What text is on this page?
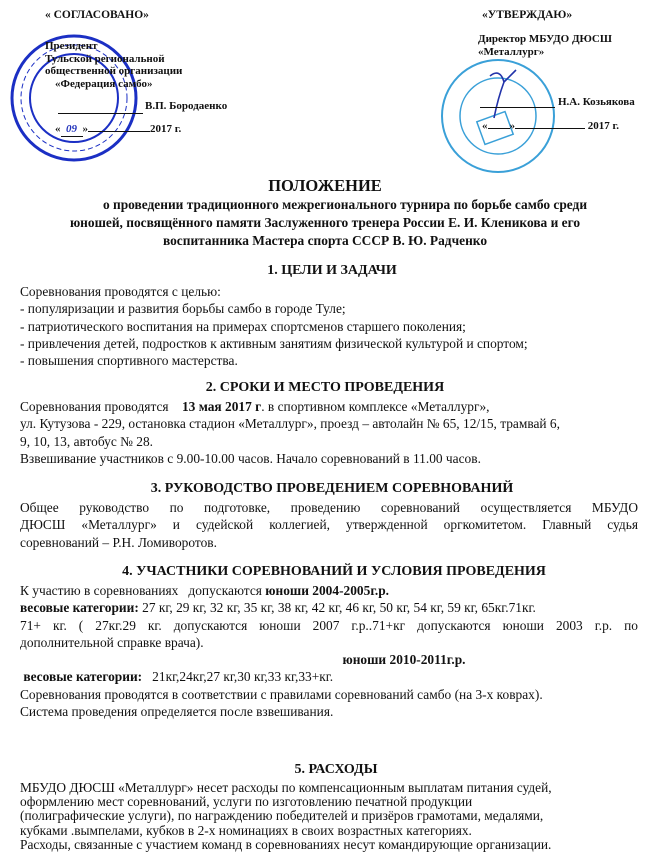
« СОГЛАСОВАНО»
Президент
Тульской региональной
общественной организации
«Федерация самбо»
В.П. Бородаенко
« 09 »	2017 г.
«УТВЕРЖДАЮ»
Директор МБУДО ДЮСШ
«Металлург»
Н.А. Козьякова
« »	2017 г.
ПОЛОЖЕНИЕ
о проведении традиционного межрегионального турнира по борьбе самбо среди
юношей, посвящённого памяти Заслуженного тренера России Е. И. Кленикова и его
воспитанника Мастера спорта СССР В. Ю. Радченко
1. ЦЕЛИ И ЗАДАЧИ
Соревнования проводятся с целью:
- популяризации и развития борьбы самбо в городе Туле;
- патриотического воспитания на примерах спортсменов старшего поколения;
- привлечения детей, подростков к активным занятиям физической культурой и спортом;
- повышения спортивного мастерства.
2. СРОКИ И МЕСТО ПРОВЕДЕНИЯ
Соревнования проводятся    13 мая 2017 г. в спортивном комплексе «Металлург»,
ул. Кутузова - 229, остановка стадион «Металлург», проезд – автолайн № 65, 12/15, трамвай 6,
9, 10, 13, автобус № 28.
Взвешивание участников с 9.00-10.00 часов. Начало соревнований в 11.00 часов.
3. РУКОВОДСТВО ПРОВЕДЕНИЕМ СОРЕВНОВАНИЙ
Общее руководство по подготовке, проведению соревнований осуществляется МБУДО
ДЮСШ «Металлург» и судейской коллегией, утвержденной оргкомитетом. Главный судья
соревнований – Р.Н. Ломиворотов.
4. УЧАСТНИКИ СОРЕВНОВАНИЙ И УСЛОВИЯ ПРОВЕДЕНИЯ
К участию в соревнованиях   допускаются юноши 2004-2005г.р.
весовые категории: 27 кг, 29 кг, 32 кг, 35 кг, 38 кг, 42 кг, 46 кг, 50 кг, 54 кг, 59 кг, 65кг.71кг.
71+ кг. ( 27кг.29 кг. допускаются юноши 2007 г.р..71+кг допускаются юноши 2003 г.р. по
дополнительной справке врача).
юноши 2010-2011г.р.
весовые категории:   21кг,24кг,27 кг,30 кг,33 кг,33+кг.
Соревнования проводятся в соответствии с правилами соревнований самбо (на 3-х коврах).
Система проведения определяется после взвешивания.
5. РАСХОДЫ
МБУДО ДЮСШ «Металлург» несет расходы по компенсационным выплатам питания судей,
оформлению мест соревнований, услуги по изготовлению печатной продукции
(полиграфические услуги), по награждению победителей и призёров грамотами, медалями,
кубками .вымпелами, кубков в 2-х номинациях в своих возрастных категориях.
Расходы, связанные с участием команд в соревнованиях несут командирующие организации.
